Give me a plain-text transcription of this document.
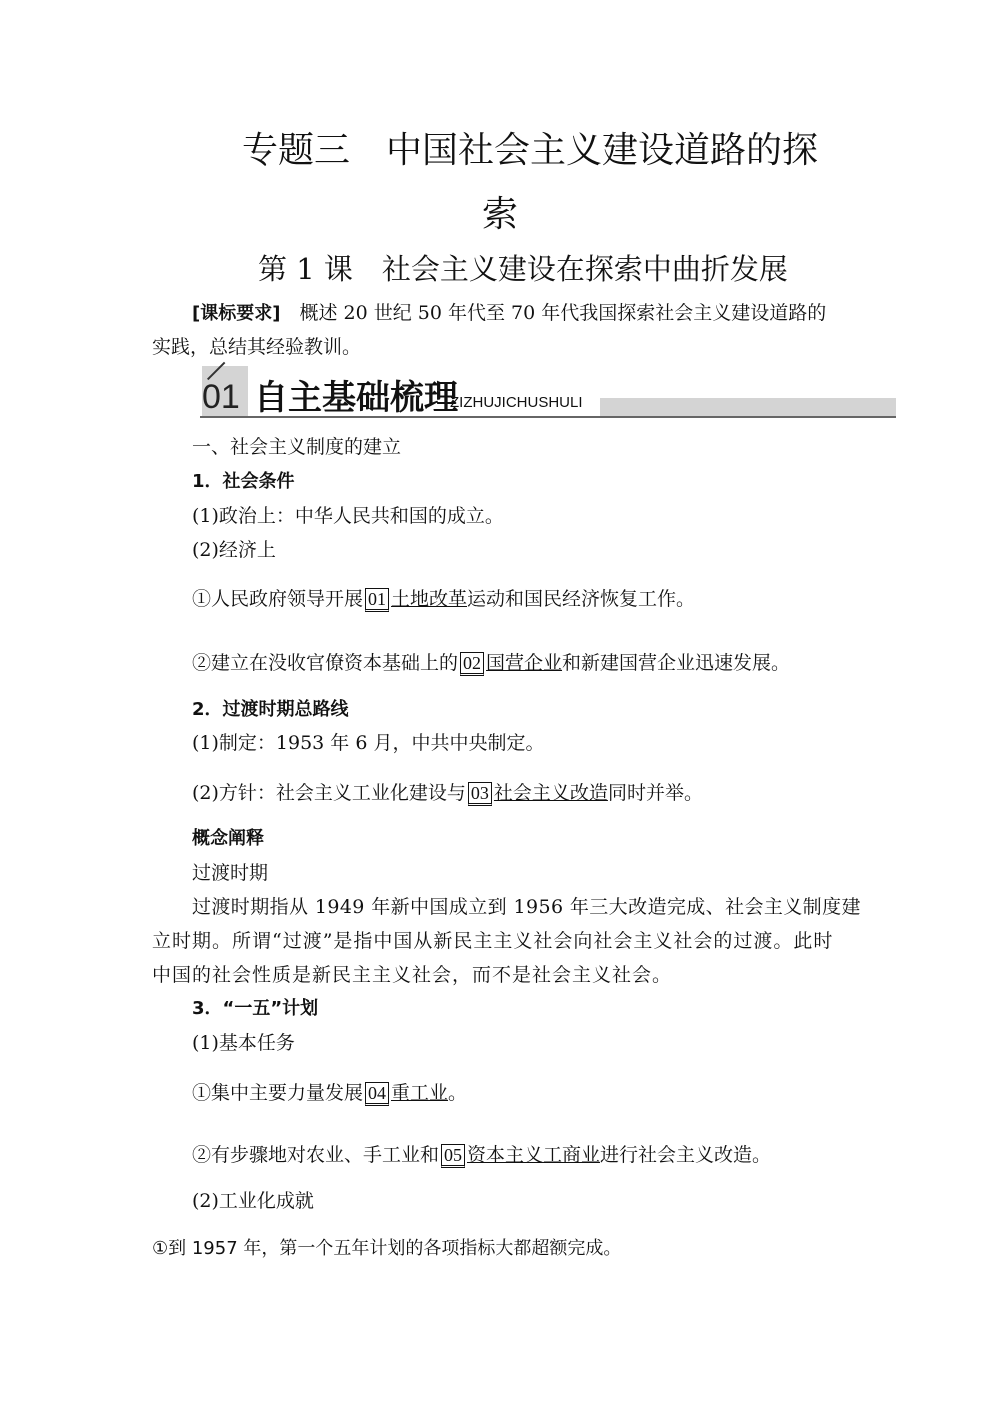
专题三　中国社会主义建设道路的探
索
第 1 课　社会主义建设在探索中曲折发展
[课标要求]　概述 20 世纪 50 年代至 70 年代我国探索社会主义建设道路的
实践，总结其经验教训。
01 自主基础梳理
ZIZHUJICHUSHULI
一、社会主义制度的建立
1．社会条件
(1)政治上：中华人民共和国的成立。
(2)经济上
①人民政府领导开展 01 土地改革运动和国民经济恢复工作。
②建立在没收官僚资本基础上的 02 国营企业和新建国营企业迅速发展。
2．过渡时期总路线
(1)制定：1953 年 6 月，中共中央制定。
(2)方针：社会主义工业化建设与 03 社会主义改造同时并举。
概念阐释
过渡时期
过渡时期指从 1949 年新中国成立到 1956 年三大改造完成、社会主义制度建
立时期。所谓“过渡”是指中国从新民主主义社会向社会主义社会的过渡。此时
中国的社会性质是新民主主义社会，而不是社会主义社会。
3．“一五”计划
(1)基本任务
①集中主要力量发展 04 重工业。
②有步骤地对农业、手工业和 05 资本主义工商业进行社会主义改造。
(2)工业化成就
①到 1957 年，第一个五年计划的各项指标大都超额完成。
